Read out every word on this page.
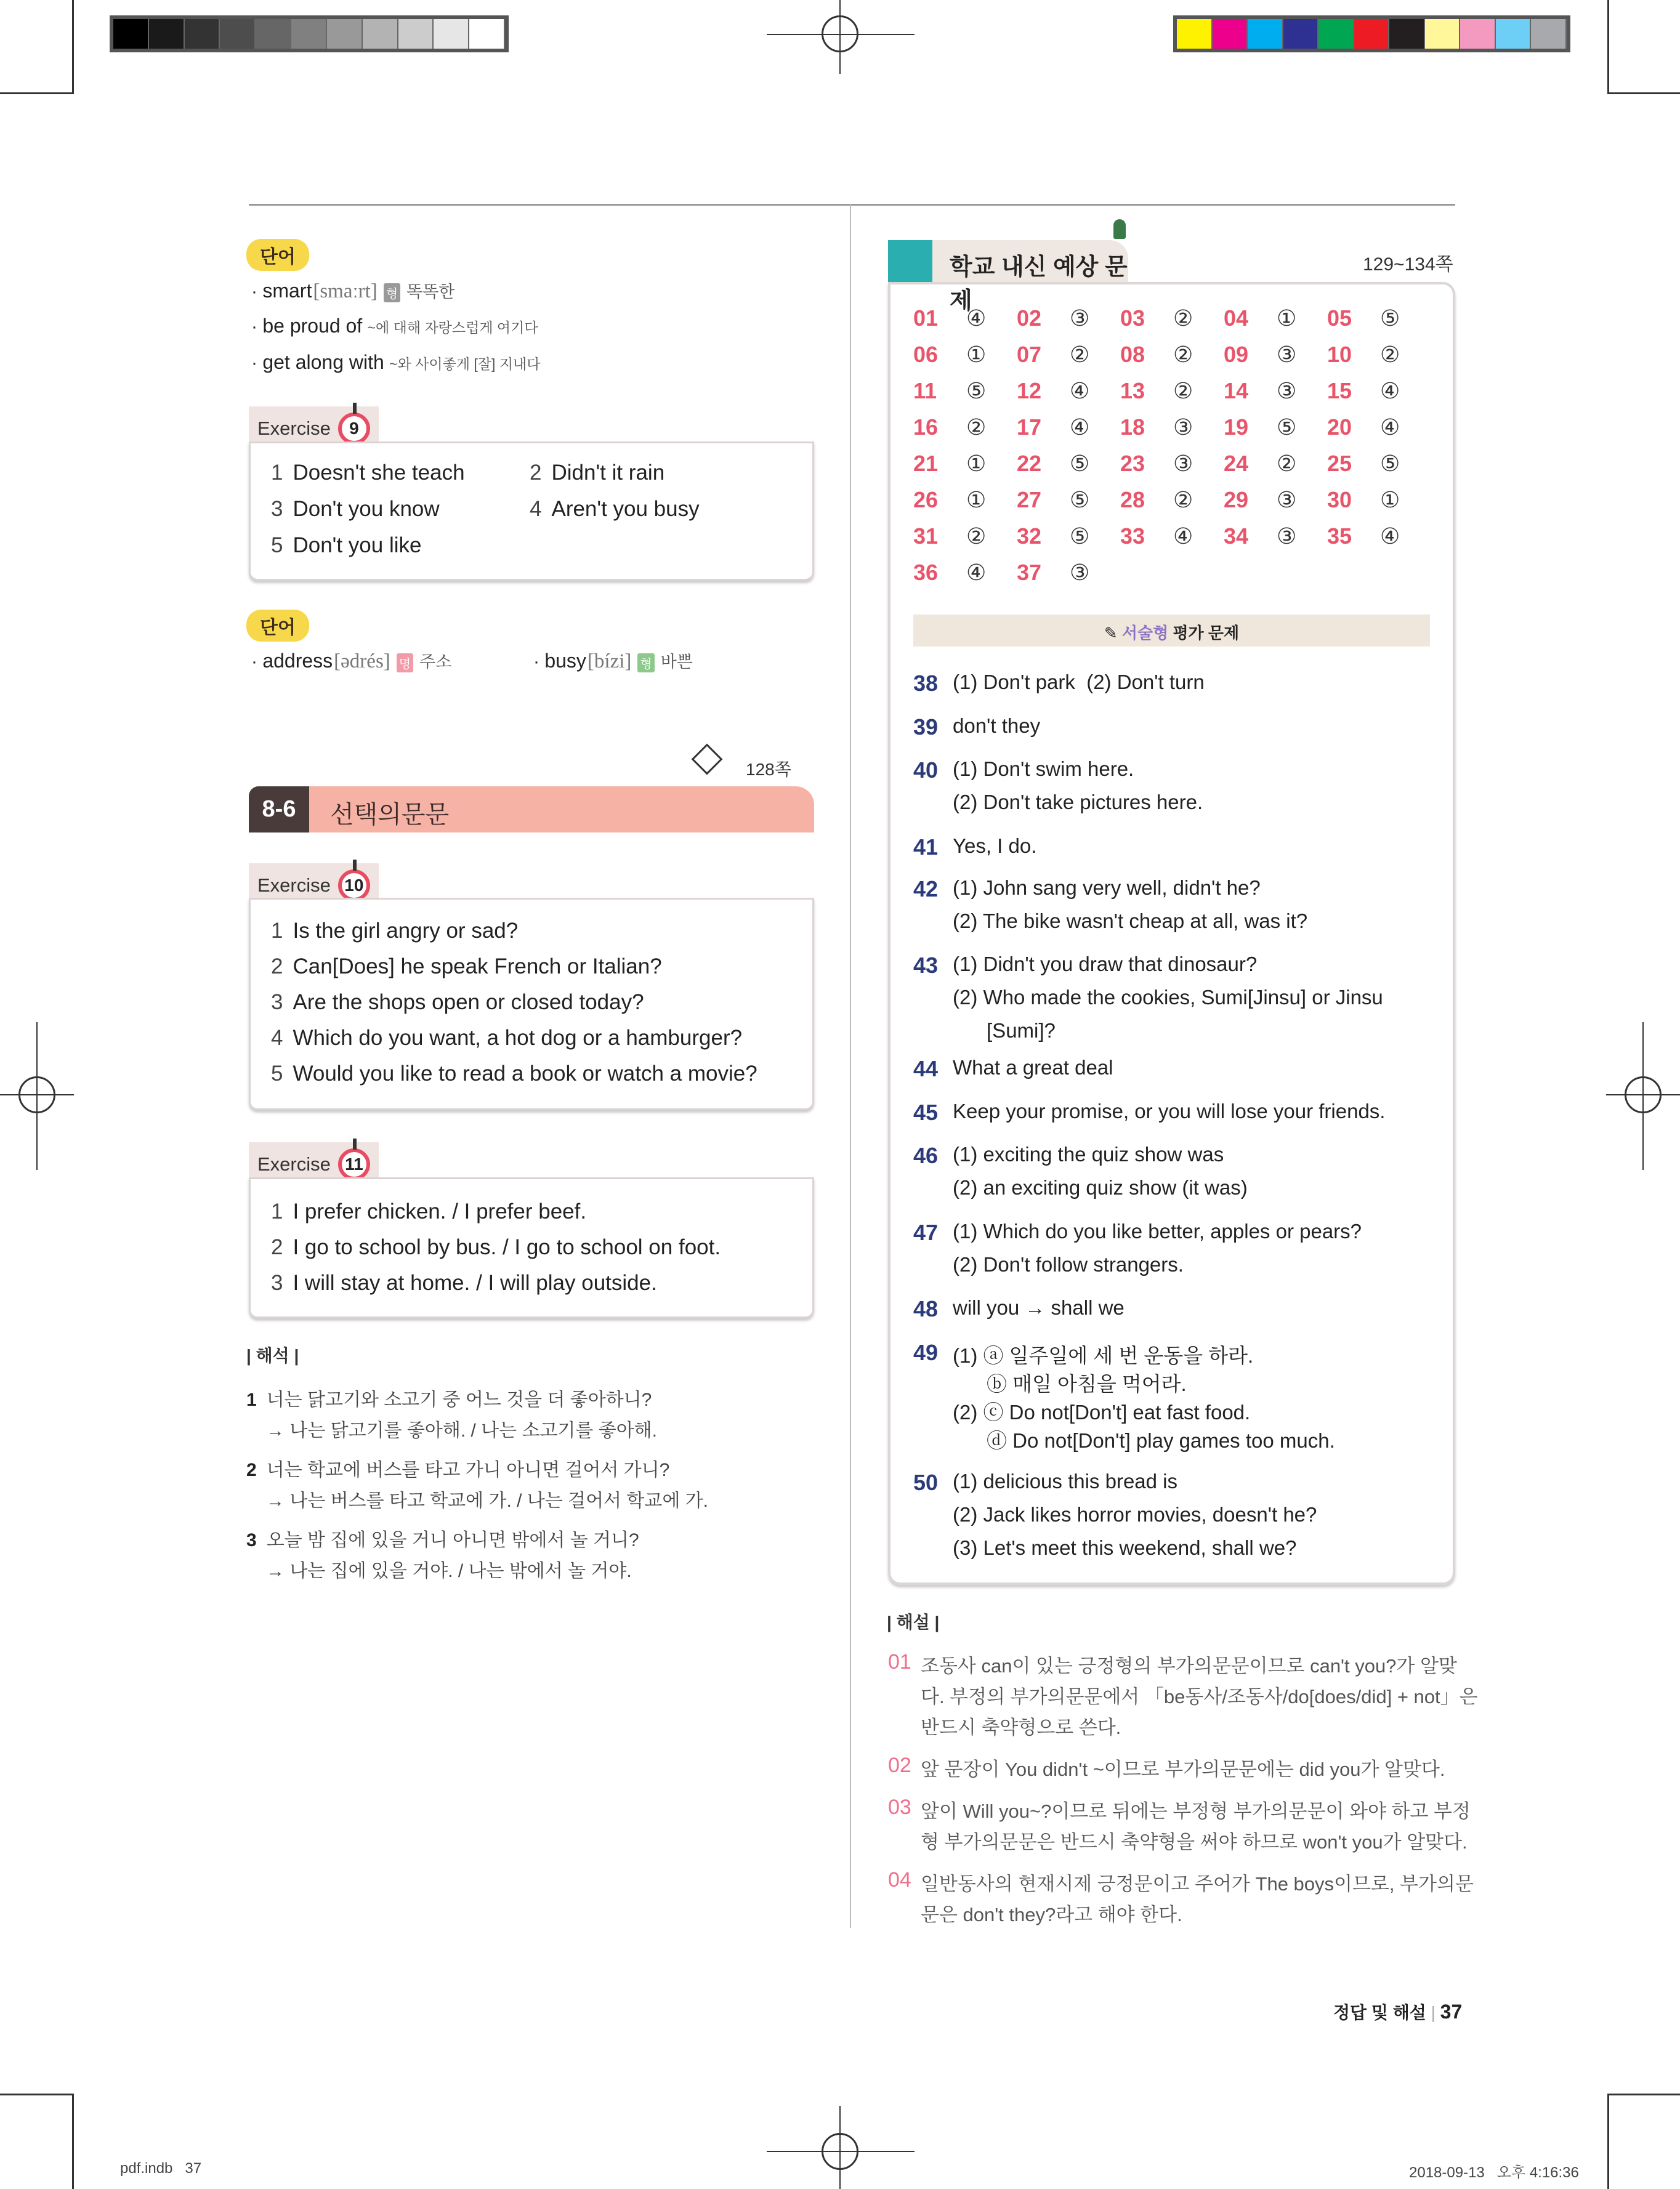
단어
· smart[smaːrt] 형 똑똑한
· be proud of ~에 대해 자랑스럽게 여기다
· get along with ~와 사이좋게 [잘] 지내다
Exercise	9
1 Doesn't she teach	2 Didn't it rain
3 Don't you know	4 Aren't you busy
5 Don't you like
단어
· address[ədrés] 명 주소	· busy[bízi] 형 바쁜
128쪽
8-6	선택의문문
Exercise 10
1 Is the girl angry or sad?
2 Can[Does] he speak French or Italian?
3 Are the shops open or closed today?
4 Which do you want, a hot dog or a hamburger?
5 Would you like to read a book or watch a movie?
Exercise 11
1 I prefer chicken. / I prefer beef.
2 I go to school by bus. / I go to school on foot.
3 I will stay at home. / I will play outside.
| 해석 |
1 너는 닭고기와 소고기 중 어느 것을 더 좋아하니?
→ 나는 닭고기를 좋아해. / 나는 소고기를 좋아해.
2 너는 학교에 버스를 타고 가니 아니면 걸어서 가니?
→ 나는 버스를 타고 학교에 가. / 나는 걸어서 학교에 가.
3 오늘 밤 집에 있을 거니 아니면 밖에서 놀 거니?
→ 나는 집에 있을 거야. / 나는 밖에서 놀 거야.
학교 내신 예상 문제
129~134쪽
01 ④ 02 ③ 03 ② 04 ① 05 ⑤
06 ① 07 ② 08 ② 09 ③ 10 ②
11 ⑤ 12 ④ 13 ② 14 ③ 15 ④
16 ② 17 ④ 18 ③ 19 ⑤ 20 ④
21 ① 22 ⑤ 23 ③ 24 ② 25 ⑤
26 ① 27 ⑤ 28 ② 29 ③ 30 ①
31 ② 32 ⑤ 33 ④ 34 ③ 35 ④
36 ④ 37 ③
✎ 서술형 평가 문제
38 (1) Don't park  (2) Don't turn
39 don't they
40 (1) Don't swim here.
(2) Don't take pictures here.
41 Yes, I do.
42 (1) John sang very well, didn't he?
(2) The bike wasn't cheap at all, was it?
43 (1) Didn't you draw that dinosaur?
(2) Who made the cookies, Sumi[Jinsu] or Jinsu
[Sumi]?
44 What a great deal
45 Keep your promise, or you will lose your friends.
46 (1) exciting the quiz show was
(2) an exciting quiz show (it was)
47 (1) Which do you like better, apples or pears?
(2) Don't follow strangers.
48 will you → shall we
49 (1) ⓐ 일주일에 세 번 운동을 하라.
ⓑ 매일 아침을 먹어라.
(2) ⓒ Do not[Don't] eat fast food.
ⓓ Do not[Don't] play games too much.
50 (1) delicious this bread is
(2) Jack likes horror movies, doesn't he?
(3) Let's meet this weekend, shall we?
| 해설 |
01 조동사 can이 있는 긍정형의 부가의문문이므로 can't you?가 알맞
다. 부정의 부가의문문에서 「be동사/조동사/do[does/did] + not」은
반드시 축약형으로 쓴다.
02 앞 문장이 You didn't ~이므로 부가의문문에는 did you가 알맞다.
03 앞이 Will you~?이므로 뒤에는 부정형 부가의문문이 와야 하고 부정
형 부가의문문은 반드시 축약형을 써야 하므로 won't you가 알맞다.
04 일반동사의 현재시제 긍정문이고 주어가 The boys이므로, 부가의문
문은 don't they?라고 해야 한다.
정답 및 해설 | 37
pdf.indb   37	2018-09-13   오후 4:16:36
